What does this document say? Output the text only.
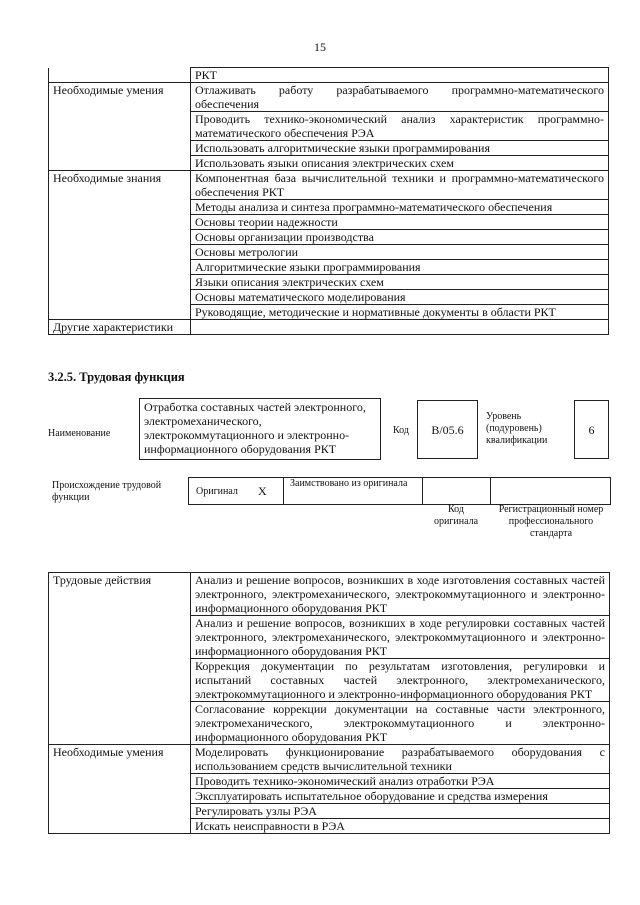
15
	РКТ
Необходимые умения	Отлаживать работу разрабатываемого программно-математического обеспечения
	Проводить технико-экономический анализ характеристик программно-математического обеспечения РЭА
	Использовать алгоритмические языки программирования
	Использовать языки описания электрических схем
Необходимые знания	Компонентная база вычислительной техники и программно-математического обеспечения РКТ
	Методы анализа и синтеза программно-математического обеспечения
	Основы теории надежности
	Основы организации производства
	Основы метрологии
	Алгоритмические языки программирования
	Языки описания электрических схем
	Основы математического моделирования
	Руководящие, методические и нормативные документы в области РКТ
Другие характеристики	
3.2.5. Трудовая функция
Наименование
Отработка составных частей электронного, электромеханического, электрокоммутационного и электронно-информационного оборудования РКТ
Код	В/05.6
Уровень (подуровень) квалификации
6
Происхождение трудовой функции
Оригинал X
Заимствовано из оригинала
Код оригинала
Регистрационный номер профессионального стандарта
Трудовые действия	Анализ и решение вопросов, возникших в ходе изготовления составных частей электронного, электромеханического, электрокоммутационного и электронно-информационного оборудования РКТ
	Анализ и решение вопросов, возникших в ходе регулировки составных частей электронного, электромеханического, электрокоммутационного и электронно-информационного оборудования РКТ
	Коррекция документации по результатам изготовления, регулировки и испытаний составных частей электронного, электромеханического, электрокоммутационного и электронно-информационного оборудования РКТ
	Согласование коррекции документации на составные части электронного, электромеханического, электрокоммутационного и электронно-информационного оборудования РКТ
Необходимые умения	Моделировать функционирование разрабатываемого оборудования с использованием средств вычислительной техники
	Проводить технико-экономический анализ отработки РЭА
	Эксплуатировать испытательное оборудование и средства измерения
	Регулировать узлы РЭА
	Искать неисправности в РЭА
